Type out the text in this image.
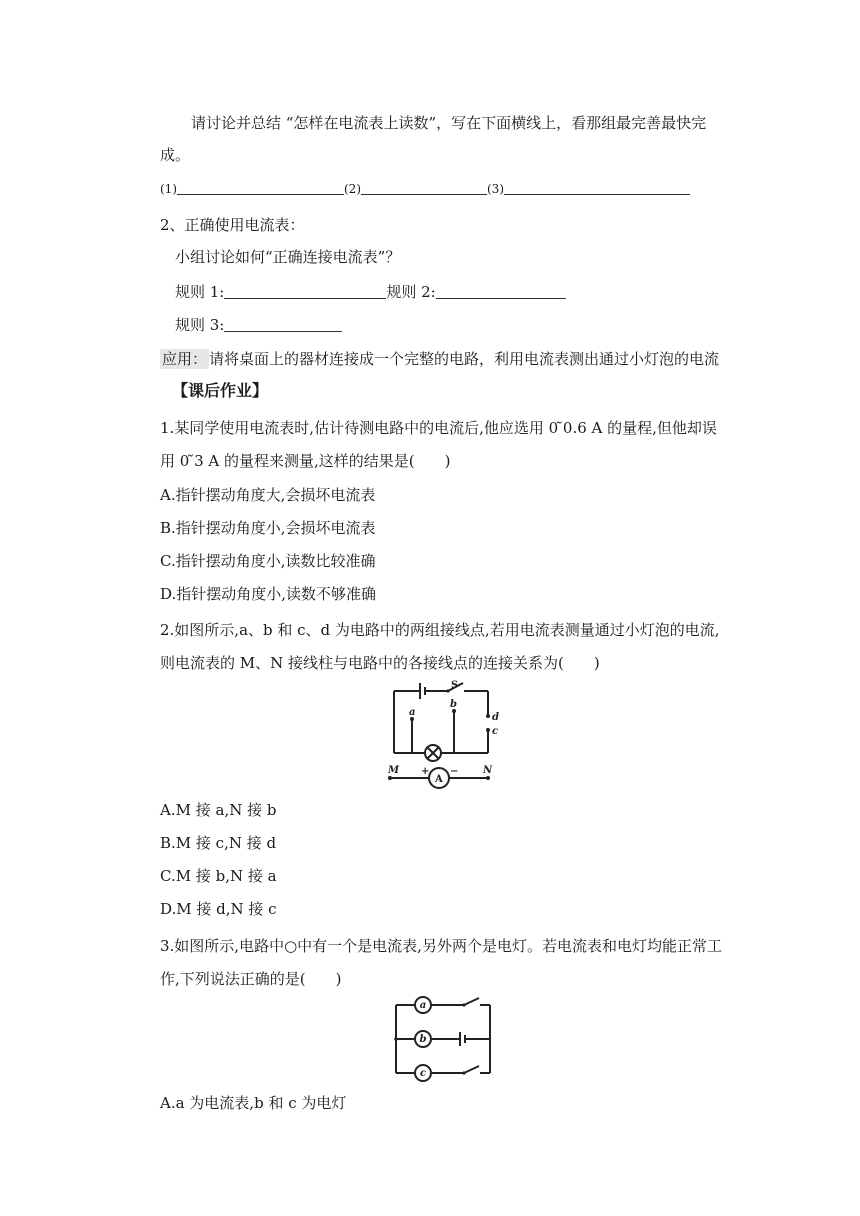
请讨论并总结 “怎样在电流表上读数”，写在下面横线上，看那组最完善最快完
成。
(1)	(2)	(3)
2、正确使用电流表：
小组讨论如何“正确连接电流表”？
规则 1:	规则 2:
规则 3:
应用： 请将桌面上的器材连接成一个完整的电路，利用电流表测出通过小灯泡的电流
【课后作业】
1.某同学使用电流表时,估计待测电路中的电流后,他应选用 0 ̃0.6 A 的量程,但他却误
用 0 ̃3 A 的量程来测量,这样的结果是(　　)
A.指针摆动角度大,会损坏电流表
B.指针摆动角度小,会损坏电流表
C.指针摆动角度小,读数比较准确
D.指针摆动角度小,读数不够准确
2.如图所示,a、b 和 c、d 为电路中的两组接线点,若用电流表测量通过小灯泡的电流,
则电流表的 M、N 接线柱与电路中的各接线点的连接关系为(　　)
S
a
b
d
c
M	N
+ −
A
A.M 接 a,N 接 b
B.M 接 c,N 接 d
C.M 接 b,N 接 a
D.M 接 d,N 接 c
3.如图所示,电路中○中有一个是电流表,另外两个是电灯。若电流表和电灯均能正常工
作,下列说法正确的是(　　)
a
b
c
A.a 为电流表,b 和 c 为电灯
